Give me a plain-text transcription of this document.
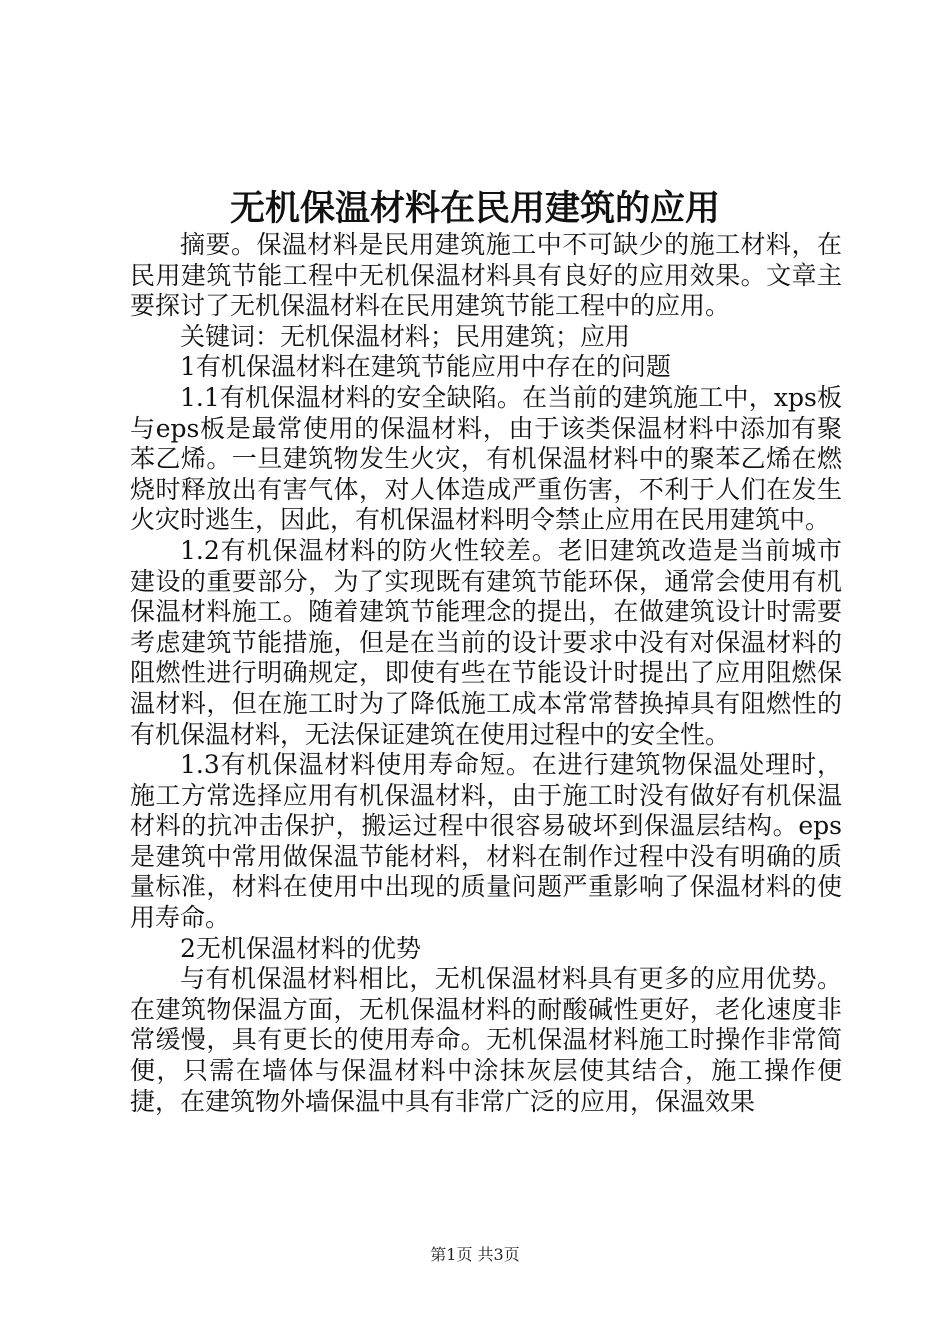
无机保温材料在民用建筑的应用

摘要。保温材料是民用建筑施工中不可缺少的施工材料，在民用建筑节能工程中无机保温材料具有良好的应用效果。文章主要探讨了无机保温材料在民用建筑节能工程中的应用。

关键词：无机保温材料；民用建筑；应用

1有机保温材料在建筑节能应用中存在的问题

1.1有机保温材料的安全缺陷。在当前的建筑施工中，xps板与eps板是最常使用的保温材料，由于该类保温材料中添加有聚苯乙烯。一旦建筑物发生火灾，有机保温材料中的聚苯乙烯在燃烧时释放出有害气体，对人体造成严重伤害，不利于人们在发生火灾时逃生，因此，有机保温材料明令禁止应用在民用建筑中。

1.2有机保温材料的防火性较差。老旧建筑改造是当前城市建设的重要部分，为了实现既有建筑节能环保，通常会使用有机保温材料施工。随着建筑节能理念的提出，在做建筑设计时需要考虑建筑节能措施，但是在当前的设计要求中没有对保温材料的阻燃性进行明确规定，即使有些在节能设计时提出了应用阻燃保温材料，但在施工时为了降低施工成本常常替换掉具有阻燃性的有机保温材料，无法保证建筑在使用过程中的安全性。

1.3有机保温材料使用寿命短。在进行建筑物保温处理时，施工方常选择应用有机保温材料，由于施工时没有做好有机保温材料的抗冲击保护，搬运过程中很容易破坏到保温层结构。eps是建筑中常用做保温节能材料，材料在制作过程中没有明确的质量标准，材料在使用中出现的质量问题严重影响了保温材料的使用寿命。

2无机保温材料的优势

与有机保温材料相比，无机保温材料具有更多的应用优势。在建筑物保温方面，无机保温材料的耐酸碱性更好，老化速度非常缓慢，具有更长的使用寿命。无机保温材料施工时操作非常简便，只需在墙体与保温材料中涂抹灰层使其结合，施工操作便捷，在建筑物外墙保温中具有非常广泛的应用，保温效果

第1页 共3页
